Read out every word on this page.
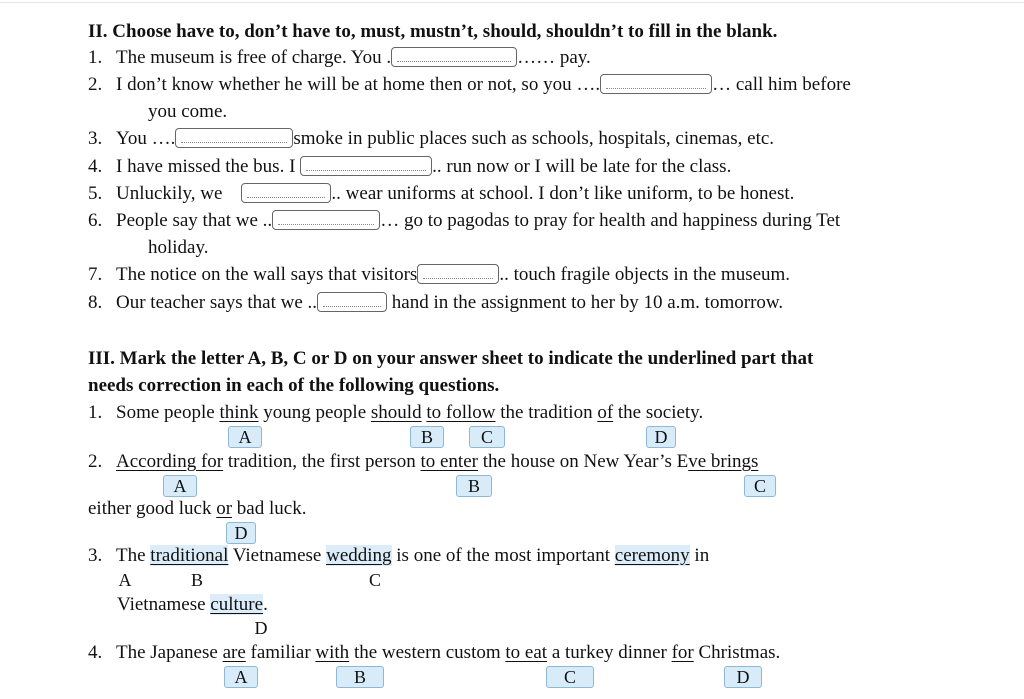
II. Choose have to, don’t have to, must, mustn’t, should, shouldn’t to fill in the blank.
1. The museum is free of charge. You .	…… pay.
2. I don’t know whether he will be at home then or not, so you ….	… call him before
you come.
3. You ….	smoke in public places such as schools, hospitals, cinemas, etc.
4. I have missed the bus. I	.. run now or I will be late for the class.
5. Unluckily, we	.. wear uniforms at school. I don’t like uniform, to be honest.
6. People say that we ..	… go to pagodas to pray for health and happiness during Tet
holiday.
7. The notice on the wall says that visitors	.. touch fragile objects in the museum.
8. Our teacher says that we ..	hand in the assignment to her by 10 a.m. tomorrow.
III. Mark the letter A, B, C or D on your answer sheet to indicate the underlined part that
needs correction in each of the following questions.
1. Some people think young people should to follow the tradition of the society.
A	B	C	D
2. According for tradition, the first person to enter the house on New Year’s Eve brings
A	B	C
either good luck or bad luck.
D
3. The traditional Vietnamese wedding is one of the most important ceremony in
A	B	C
Vietnamese culture.
D
4. The Japanese are familiar with the western custom to eat a turkey dinner for Christmas.
A	B	C	D
